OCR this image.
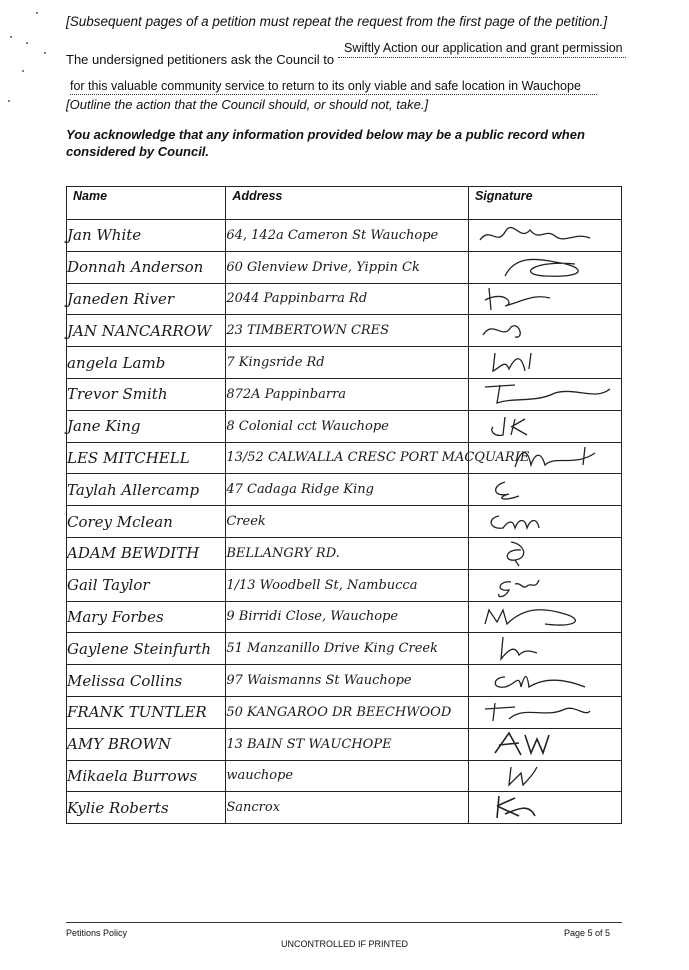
[Subsequent pages of a petition must repeat the request from the first page of the petition.]
The undersigned petitioners ask the Council to
Swiftly Action our application and grant permission
for this valuable community service to return to its only viable and safe location in Wauchope
[Outline the action that the Council should, or should not, take.]
You acknowledge that any information provided below may be a public record when considered by Council.
Name	Address	Signature
Jan White	64, 142a Cameron St Wauchope	

Donnah Anderson	60 Glenview Drive, Yippin Ck	

Janeden River	2044 Pappinbarra Rd	

JAN NANCARROW	23 TIMBERTOWN CRES	

angela Lamb	7 Kingsride Rd	

Trevor Smith	872A Pappinbarra	

Jane King	8 Colonial cct Wauchope	

LES MITCHELL	13/52 CALWALLA CRESC PORT MACQUARIE	

Taylah Allercamp	47 Cadaga Ridge King	

Corey Mclean	Creek	

ADAM BEWDITH	BELLANGRY RD.	

Gail Taylor	1/13 Woodbell St, Nambucca	

Mary Forbes	9 Birridi Close, Wauchope	

Gaylene Steinfurth	51 Manzanillo Drive King Creek	

Melissa Collins	97 Waismanns St Wauchope	

FRANK TUNTLER	50 KANGAROO DR BEECHWOOD	

AMY BROWN	13 BAIN ST WAUCHOPE	

Mikaela Burrows	wauchope	

Kylie Roberts	Sancrox	
Petitions Policy	Page 5 of 5
UNCONTROLLED IF PRINTED
